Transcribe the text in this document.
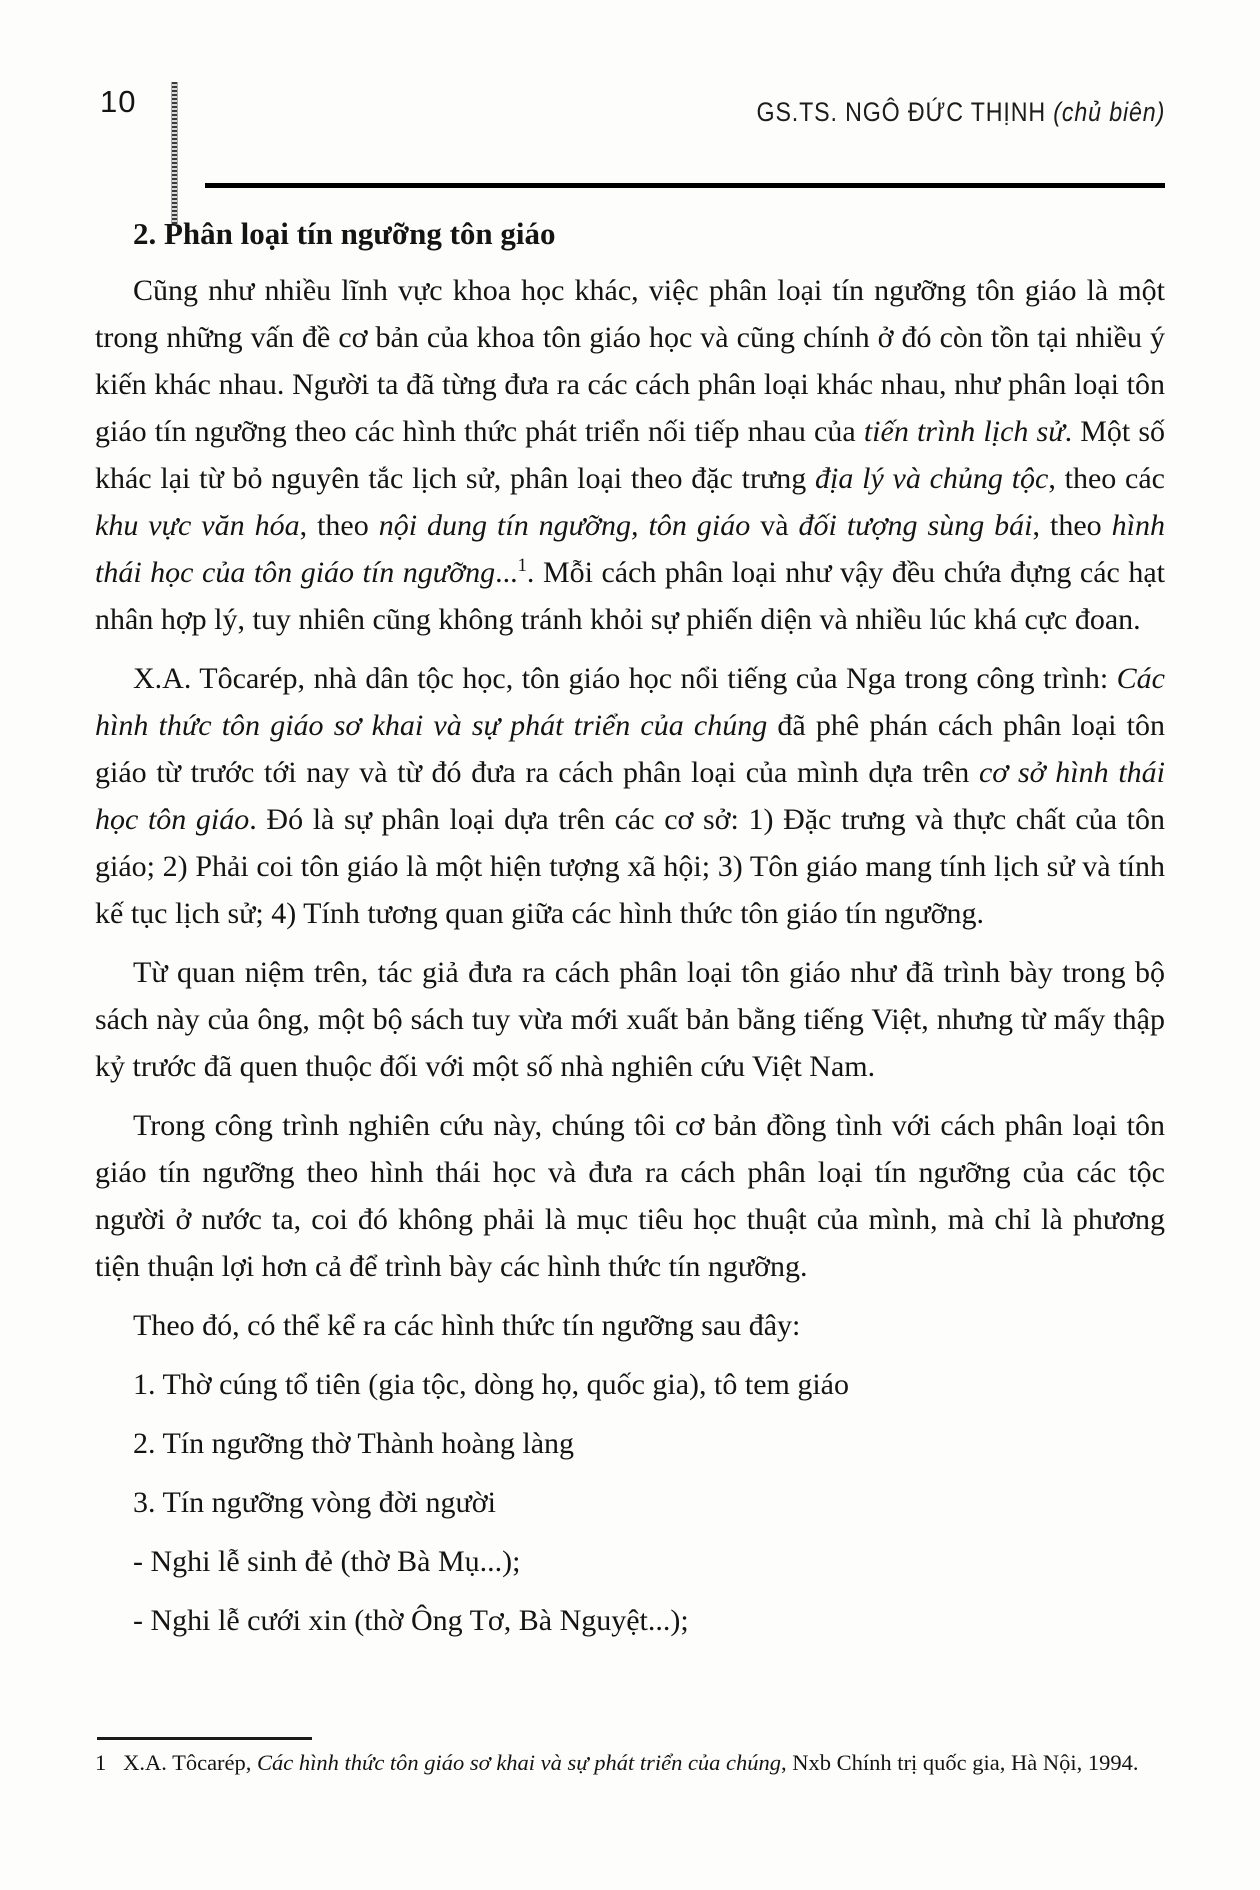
10	GS.TS. NGÔ ĐỨC THỊNH (chủ biên)
2. Phân loại tín ngưỡng tôn giáo

Cũng như nhiều lĩnh vực khoa học khác, việc phân loại tín ngưỡng tôn giáo là một trong những vấn đề cơ bản của khoa tôn giáo học và cũng chính ở đó còn tồn tại nhiều ý kiến khác nhau. Người ta đã từng đưa ra các cách phân loại khác nhau, như phân loại tôn giáo tín ngưỡng theo các hình thức phát triển nối tiếp nhau của tiến trình lịch sử. Một số khác lại từ bỏ nguyên tắc lịch sử, phân loại theo đặc trưng địa lý và chủng tộc, theo các khu vực văn hóa, theo nội dung tín ngưỡng, tôn giáo và đối tượng sùng bái, theo hình thái học của tôn giáo tín ngưỡng...$^1$. Mỗi cách phân loại như vậy đều chứa đựng các hạt nhân hợp lý, tuy nhiên cũng không tránh khỏi sự phiến diện và nhiều lúc khá cực đoan.

X.A. Tôcarép, nhà dân tộc học, tôn giáo học nổi tiếng của Nga trong công trình: Các hình thức tôn giáo sơ khai và sự phát triển của chúng đã phê phán cách phân loại tôn giáo từ trước tới nay và từ đó đưa ra cách phân loại của mình dựa trên cơ sở hình thái học tôn giáo. Đó là sự phân loại dựa trên các cơ sở: 1) Đặc trưng và thực chất của tôn giáo; 2) Phải coi tôn giáo là một hiện tượng xã hội; 3) Tôn giáo mang tính lịch sử và tính kế tục lịch sử; 4) Tính tương quan giữa các hình thức tôn giáo tín ngưỡng.

Từ quan niệm trên, tác giả đưa ra cách phân loại tôn giáo như đã trình bày trong bộ sách này của ông, một bộ sách tuy vừa mới xuất bản bằng tiếng Việt, nhưng từ mấy thập kỷ trước đã quen thuộc đối với một số nhà nghiên cứu Việt Nam.

Trong công trình nghiên cứu này, chúng tôi cơ bản đồng tình với cách phân loại tôn giáo tín ngưỡng theo hình thái học và đưa ra cách phân loại tín ngưỡng của các tộc người ở nước ta, coi đó không phải là mục tiêu học thuật của mình, mà chỉ là phương tiện thuận lợi hơn cả để trình bày các hình thức tín ngưỡng.

Theo đó, có thể kể ra các hình thức tín ngưỡng sau đây:

1. Thờ cúng tổ tiên (gia tộc, dòng họ, quốc gia), tô tem giáo

2. Tín ngưỡng thờ Thành hoàng làng

3. Tín ngưỡng vòng đời người

- Nghi lễ sinh đẻ (thờ Bà Mụ...);

- Nghi lễ cưới xin (thờ Ông Tơ, Bà Nguyệt...);

1   X.A. Tôcarép, Các hình thức tôn giáo sơ khai và sự phát triển của chúng, Nxb Chính trị quốc gia, Hà Nội, 1994.
